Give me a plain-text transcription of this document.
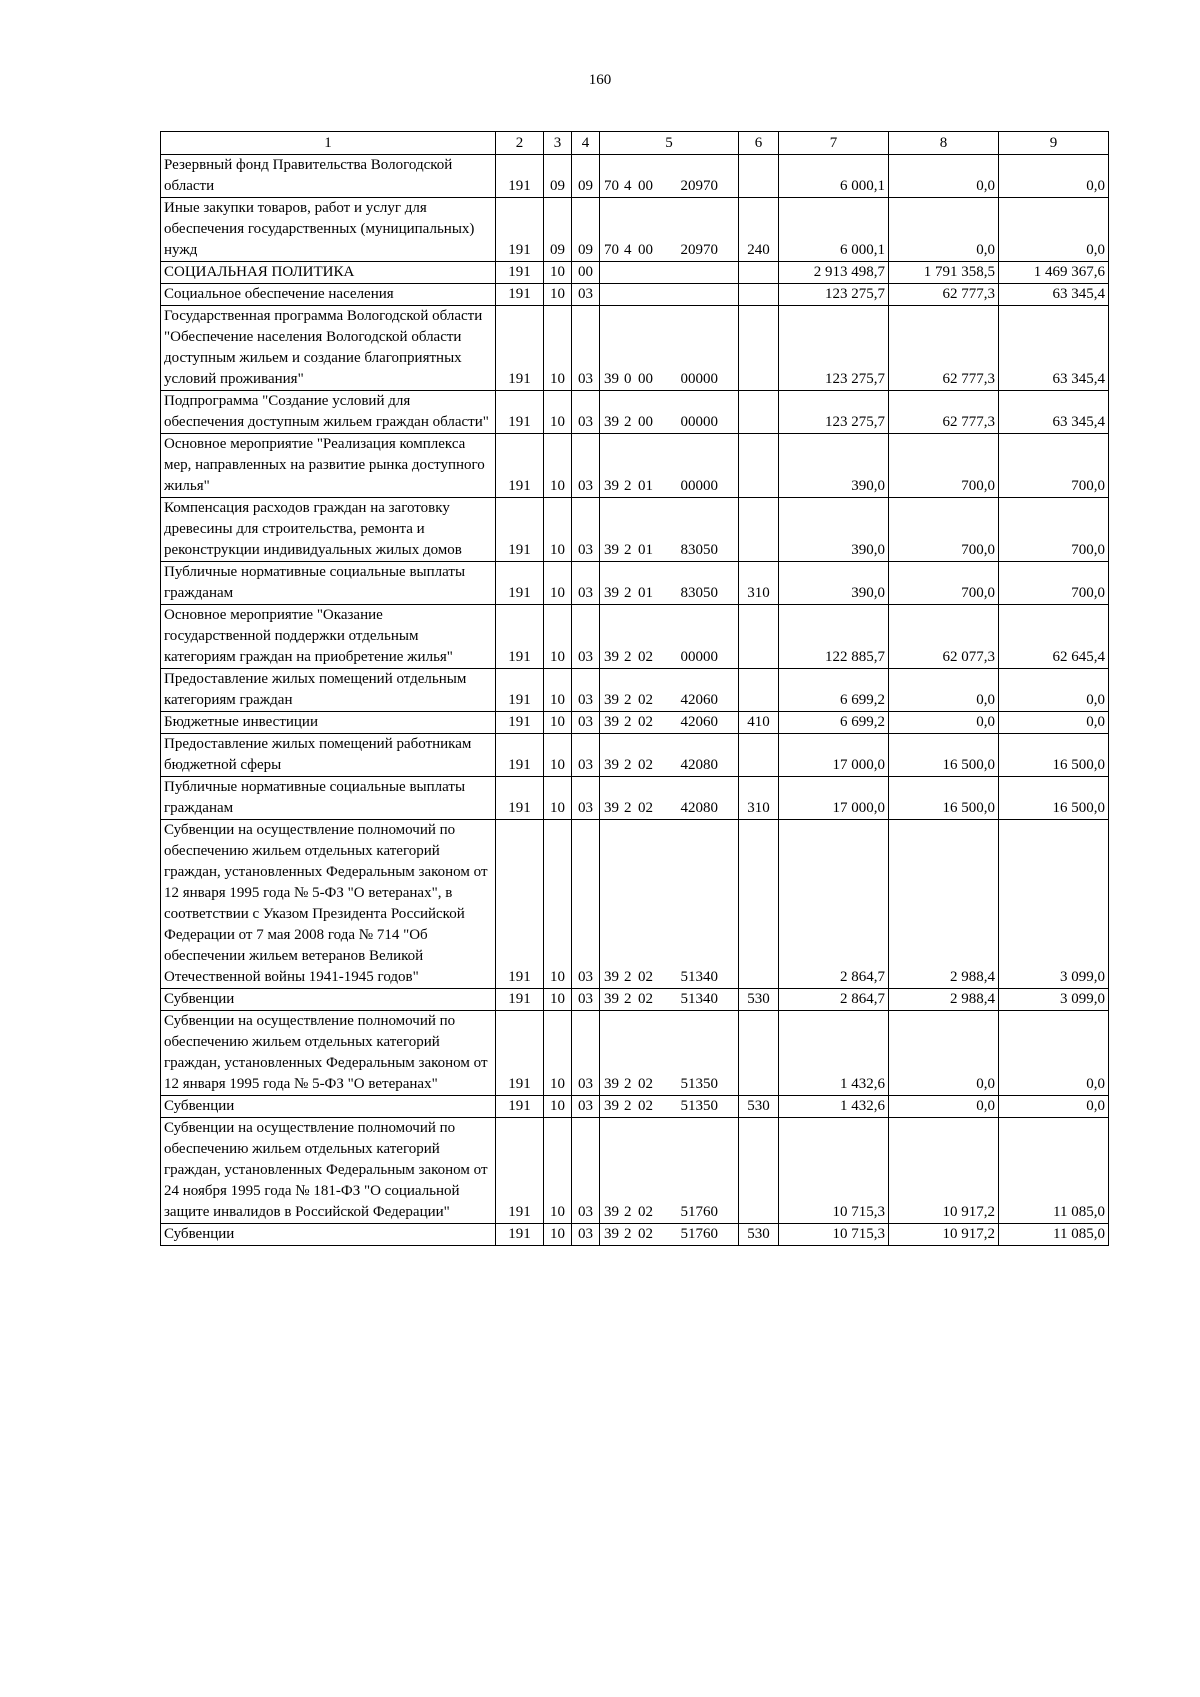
160
1	2	3	4	5	6	7	8	9
Резервный фонд Правительства Вологодской области	191	09	09	70 4 00 20970		6 000,1	0,0	0,0
Иные закупки товаров, работ и услуг для обеспечения государственных (муниципальных) нужд	191	09	09	70 4 00 20970	240	6 000,1	0,0	0,0
СОЦИАЛЬНАЯ ПОЛИТИКА	191	10	00			2 913 498,7	1 791 358,5	1 469 367,6
Социальное обеспечение населения	191	10	03			123 275,7	62 777,3	63 345,4
Государственная программа Вологодской области "Обеспечение населения Вологодской области доступным жильем и создание благоприятных условий проживания"	191	10	03	39 0 00 00000		123 275,7	62 777,3	63 345,4
Подпрограмма "Создание условий для обеспечения доступным жильем граждан области"	191	10	03	39 2 00 00000		123 275,7	62 777,3	63 345,4
Основное мероприятие "Реализация комплекса мер, направленных на развитие рынка доступного жилья"	191	10	03	39 2 01 00000		390,0	700,0	700,0
Компенсация расходов граждан на заготовку древесины для строительства, ремонта и реконструкции индивидуальных жилых домов	191	10	03	39 2 01 83050		390,0	700,0	700,0
Публичные нормативные социальные выплаты гражданам	191	10	03	39 2 01 83050	310	390,0	700,0	700,0
Основное мероприятие "Оказание государственной поддержки отдельным категориям граждан на приобретение жилья"	191	10	03	39 2 02 00000		122 885,7	62 077,3	62 645,4
Предоставление жилых помещений отдельным категориям граждан	191	10	03	39 2 02 42060		6 699,2	0,0	0,0
Бюджетные инвестиции	191	10	03	39 2 02 42060	410	6 699,2	0,0	0,0
Предоставление жилых помещений работникам бюджетной сферы	191	10	03	39 2 02 42080		17 000,0	16 500,0	16 500,0
Публичные нормативные социальные выплаты гражданам	191	10	03	39 2 02 42080	310	17 000,0	16 500,0	16 500,0
Субвенции на осуществление полномочий по обеспечению жильем отдельных категорий граждан, установленных Федеральным законом от 12 января 1995 года № 5-ФЗ "О ветеранах", в соответствии с Указом Президента Российской Федерации от 7 мая 2008 года № 714 "Об обеспечении жильем ветеранов Великой Отечественной войны 1941-1945 годов"	191	10	03	39 2 02 51340		2 864,7	2 988,4	3 099,0
Субвенции	191	10	03	39 2 02 51340	530	2 864,7	2 988,4	3 099,0
Субвенции на осуществление полномочий по обеспечению жильем отдельных категорий граждан, установленных Федеральным законом от 12 января 1995 года № 5-ФЗ "О ветеранах"	191	10	03	39 2 02 51350		1 432,6	0,0	0,0
Субвенции	191	10	03	39 2 02 51350	530	1 432,6	0,0	0,0
Субвенции на осуществление полномочий по обеспечению жильем отдельных категорий граждан, установленных Федеральным законом от 24 ноября 1995 года № 181-ФЗ "О социальной защите инвалидов в Российской Федерации"	191	10	03	39 2 02 51760		10 715,3	10 917,2	11 085,0
Субвенции	191	10	03	39 2 02 51760	530	10 715,3	10 917,2	11 085,0
